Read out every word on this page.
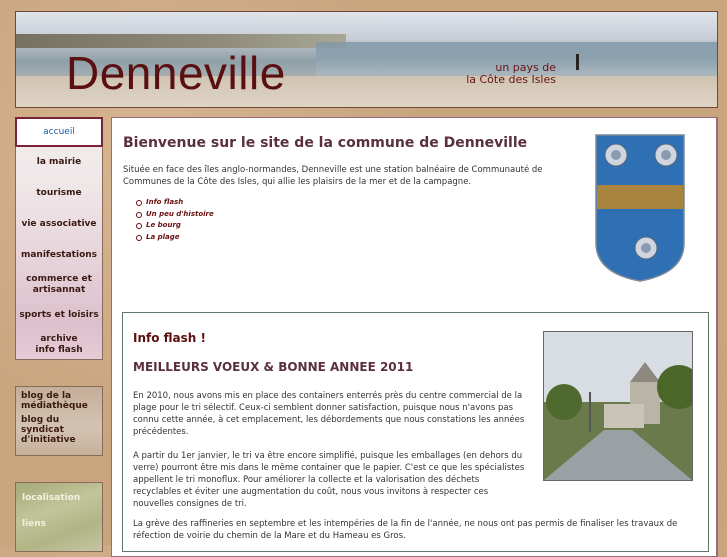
Denneville	un pays de
la Côte des Isles
accueil
la mairie
tourisme
vie associative
manifestations
commerce et artisannat
sports et loisirs
archive info flash
blog de la médiathèque
blog du syndicat d'initiative
localisation
liens
Bienvenue sur le site de la commune de Denneville
Située en face des îles anglo-normandes, Denneville est une station balnéaire de Communauté de Communes de la Côte des Isles, qui allie les plaisirs de la mer et de la campagne.
Info flash
Un peu d'histoire
Le bourg
La plage
Info flash !
MEILLEURS VOEUX & BONNE ANNEE 2011
En 2010, nous avons mis en place des containers enterrés près du centre commercial de la plage pour le tri sélectif. Ceux-ci semblent donner satisfaction, puisque nous n'avons pas connu cette année, à cet emplacement, les débordements que nous constations les années précédentes.
A partir du 1er janvier, le tri va être encore simplifié, puisque les emballages (en dehors du verre) pourront être mis dans le même container que le papier. C'est ce que les spécialistes appellent le tri monoflux. Pour améliorer la collecte et la valorisation des déchets recyclables et éviter une augmentation du coût, nous vous invitons à respecter ces nouvelles consignes de tri.
La grève des raffineries en septembre et les intempéries de la fin de l'année, ne nous ont pas permis de finaliser les travaux de réfection de voirie du chemin de la Mare et du Hameau es Gros.
